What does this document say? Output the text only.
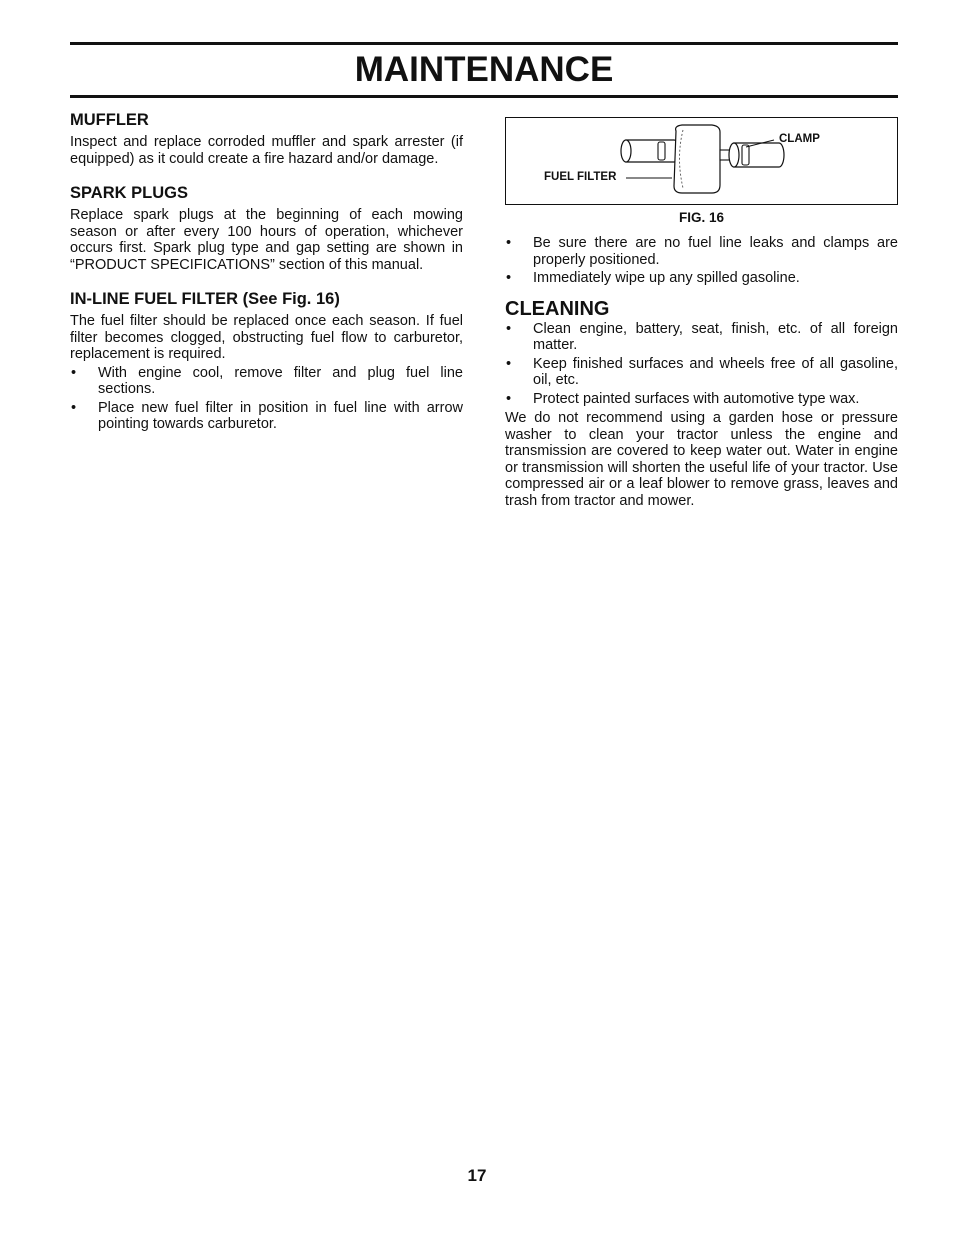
MAINTENANCE
MUFFLER

Inspect and replace corroded muffler and spark arrester (if equipped) as it could create a fire hazard and/or damage.

SPARK PLUGS

Replace spark plugs at the beginning of each mowing season or after every 100 hours of operation, whichever occurs first. Spark plug type and gap setting are shown in “PRODUCT SPECIFICATIONS” section of this manual.

IN-LINE FUEL FILTER (See Fig. 16)

The fuel filter should be replaced once each season. If fuel filter becomes clogged, obstructing fuel flow to carburetor, replacement is required.

• With engine cool, remove filter and plug fuel line sections.
• Place new fuel filter in position in fuel line with arrow pointing towards carburetor.
CLAMP
FUEL FILTER
FIG. 16
• Be sure there are no fuel line leaks and clamps are properly positioned.
• Immediately wipe up any spilled gasoline.
CLEANING
• Clean engine, battery, seat, finish, etc. of all foreign matter.
• Keep finished surfaces and wheels free of all gasoline, oil, etc.
• Protect painted surfaces with automotive type wax.

We do not recommend using a garden hose or pressure washer to clean your tractor unless the engine and transmission are covered to keep water out. Water in engine or transmission will shorten the useful life of your tractor. Use compressed air or a leaf blower to remove grass, leaves and trash from tractor and mower.

17
